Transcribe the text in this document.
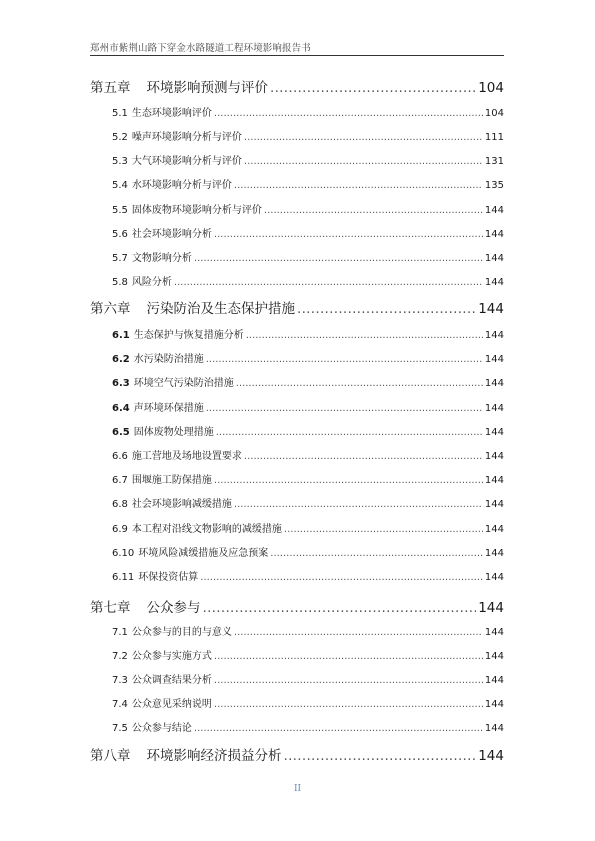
郑州市紫荆山路下穿金水路隧道工程环境影响报告书
第五章 环境影响预测与评价 .....	104
5.1 生态环境影响评价 .....	104
5.2 噪声环境影响分析与评价 .....	111
5.3 大气环境影响分析与评价 .....	131
5.4 水环境影响分析与评价 .....	135
5.5 固体废物环境影响分析与评价 .....	144
5.6 社会环境影响分析 .....	144
5.7 文物影响分析 .....	144
5.8 风险分析 .....	144
第六章 污染防治及生态保护措施 .....	144
6.1 生态保护与恢复措施分析 .....	144
6.2 水污染防治措施 .....	144
6.3 环境空气污染防治措施 .....	144
6.4 声环境环保措施 .....	144
6.5 固体废物处理措施 .....	144
6.6 施工营地及场地设置要求 .....	144
6.7 围堰施工防保措施 .....	144
6.8 社会环境影响减缓措施 .....	144
6.9 本工程对沿线文物影响的减缓措施 .....	144
6.10 环境风险减缓措施及应急预案 .....	144
6.11 环保投资估算 .....	144
第七章 公众参与 .....	144
7.1 公众参与的目的与意义 .....	144
7.2 公众参与实施方式 .....	144
7.3 公众调查结果分析 .....	144
7.4 公众意见采纳说明 .....	144
7.5 公众参与结论 .....	144
第八章 环境影响经济损益分析 .....	144
II
